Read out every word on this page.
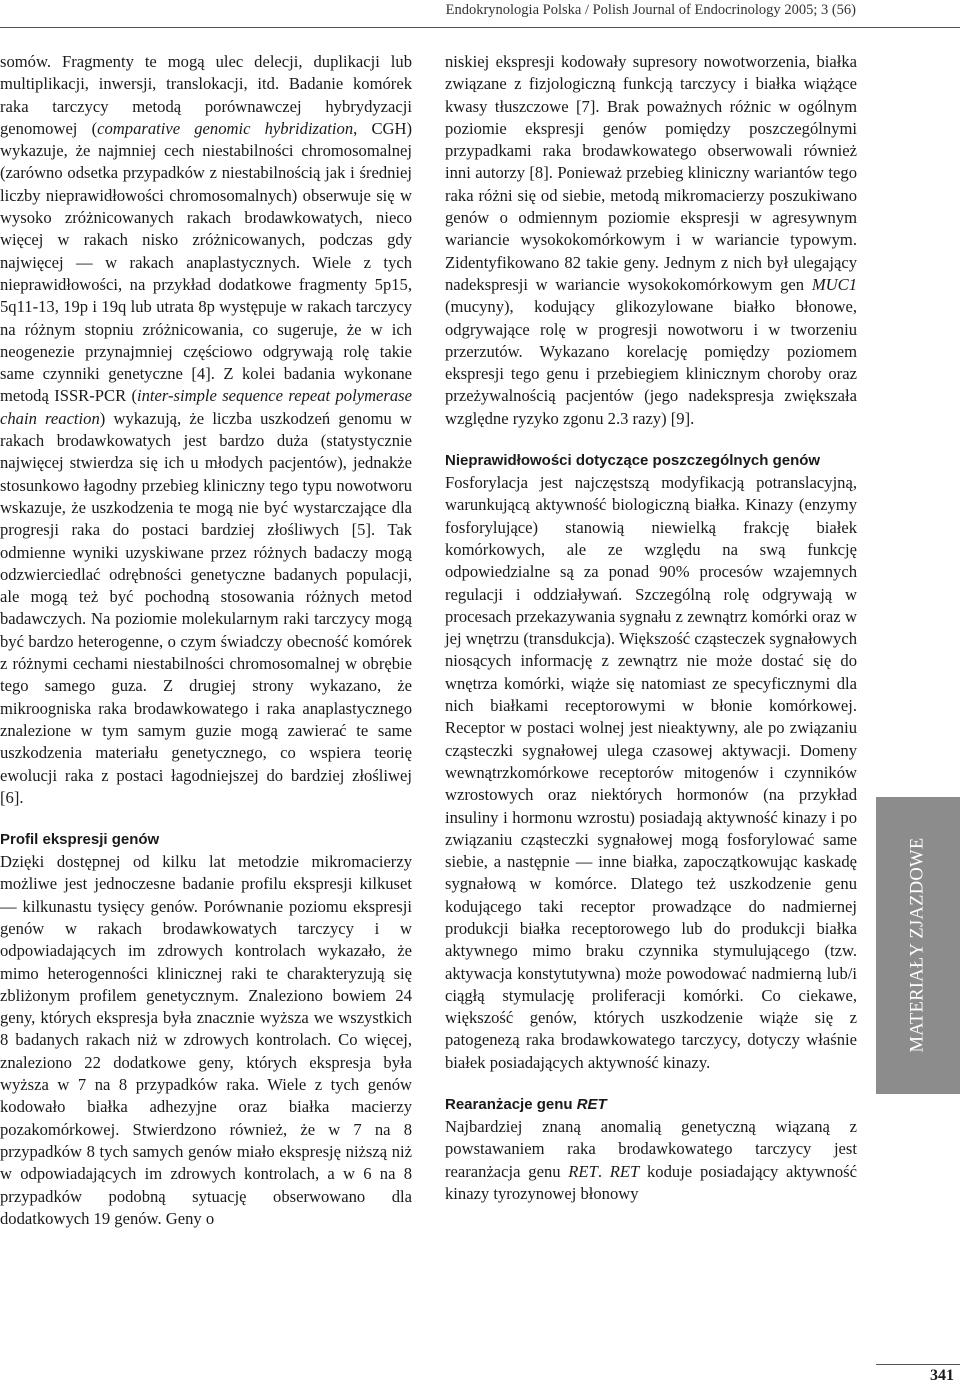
Endokrynologia Polska / Polish Journal of Endocrinology 2005; 3 (56)

somów. Fragmenty te mogą ulec delecji, duplikacji lub multiplikacji, inwersji, translokacji, itd. Badanie komórek raka tarczycy metodą porównawczej hybrydyzacji genomowej (comparative genomic hybridization, CGH) wykazuje, że najmniej cech niestabilności chromosomalnej (zarówno odsetka przypadków z niestabilnością jak i średniej liczby nieprawidłowości chromosomalnych) obserwuje się w wysoko zróżnicowanych rakach brodawkowatych, nieco więcej w rakach nisko zróżnicowanych, podczas gdy najwięcej — w rakach anaplastycznych. Wiele z tych nieprawidłowości, na przykład dodatkowe fragmenty 5p15, 5q11-13, 19p i 19q lub utrata 8p występuje w rakach tarczycy na różnym stopniu zróżnicowania, co sugeruje, że w ich neogenezie przynajmniej częściowo odgrywają rolę takie same czynniki genetyczne [4]. Z kolei badania wykonane metodą ISSR-PCR (inter-simple sequence repeat polymerase chain reaction) wykazują, że liczba uszkodzeń genomu w rakach brodawkowatych jest bardzo duża (statystycznie najwięcej stwierdza się ich u młodych pacjentów), jednakże stosunkowo łagodny przebieg kliniczny tego typu nowotworu wskazuje, że uszkodzenia te mogą nie być wystarczające dla progresji raka do postaci bardziej złośliwych [5]. Tak odmienne wyniki uzyskiwane przez różnych badaczy mogą odzwierciedlać odrębności genetyczne badanych populacji, ale mogą też być pochodną stosowania różnych metod badawczych. Na poziomie molekularnym raki tarczycy mogą być bardzo heterogenne, o czym świadczy obecność komórek z różnymi cechami niestabilności chromosomalnej w obrębie tego samego guza. Z drugiej strony wykazano, że mikroogniska raka brodawkowatego i raka anaplastycznego znalezione w tym samym guzie mogą zawierać te same uszkodzenia materiału genetycznego, co wspiera teorię ewolucji raka z postaci łagodniejszej do bardziej złośliwej [6].

Profil ekspresji genów

Dzięki dostępnej od kilku lat metodzie mikromacierzy możliwe jest jednoczesne badanie profilu ekspresji kilkuset — kilkunastu tysięcy genów. Porównanie poziomu ekspresji genów w rakach brodawkowatych tarczycy i w odpowiadających im zdrowych kontrolach wykazało, że mimo heterogenności klinicznej raki te charakteryzują się zbliżonym profilem genetycznym. Znaleziono bowiem 24 geny, których ekspresja była znacznie wyższa we wszystkich 8 badanych rakach niż w zdrowych kontrolach. Co więcej, znaleziono 22 dodatkowe geny, których ekspresja była wyższa w 7 na 8 przypadków raka. Wiele z tych genów kodowało białka adhezyjne oraz białka macierzy pozakomórkowej. Stwierdzono również, że w 7 na 8 przypadków 8 tych samych genów miało ekspresję niższą niż w odpowiadających im zdrowych kontrolach, a w 6 na 8 przypadków podobną sytuację obserwowano dla dodatkowych 19 genów. Geny o

niskiej ekspresji kodowały supresory nowotworzenia, białka związane z fizjologiczną funkcją tarczycy i białka wiążące kwasy tłuszczowe [7]. Brak poważnych różnic w ogólnym poziomie ekspresji genów pomiędzy poszczególnymi przypadkami raka brodawkowatego obserwowali również inni autorzy [8]. Ponieważ przebieg kliniczny wariantów tego raka różni się od siebie, metodą mikromacierzy poszukiwano genów o odmiennym poziomie ekspresji w agresywnym wariancie wysokokomórkowym i w wariancie typowym. Zidentyfikowano 82 takie geny. Jednym z nich był ulegający nadekspresji w wariancie wysokokomórkowym gen MUC1 (mucyny), kodujący glikozylowane białko błonowe, odgrywające rolę w progresji nowotworu i w tworzeniu przerzutów. Wykazano korelację pomiędzy poziomem ekspresji tego genu i przebiegiem klinicznym choroby oraz przeżywalnością pacjentów (jego nadekspresja zwiększała względne ryzyko zgonu 2.3 razy) [9].

Nieprawidłowości dotyczące poszczególnych genów

Fosforylacja jest najczęstszą modyfikacją potranslacyjną, warunkującą aktywność biologiczną białka. Kinazy (enzymy fosforylujące) stanowią niewielką frakcję białek komórkowych, ale ze względu na swą funkcję odpowiedzialne są za ponad 90% procesów wzajemnych regulacji i oddziaływań. Szczególną rolę odgrywają w procesach przekazywania sygnału z zewnątrz komórki oraz w jej wnętrzu (transdukcja). Większość cząsteczek sygnałowych niosących informację z zewnątrz nie może dostać się do wnętrza komórki, wiąże się natomiast ze specyficznymi dla nich białkami receptorowymi w błonie komórkowej. Receptor w postaci wolnej jest nieaktywny, ale po związaniu cząsteczki sygnałowej ulega czasowej aktywacji. Domeny wewnątrzkomórkowe receptorów mitogenów i czynników wzrostowych oraz niektórych hormonów (na przykład insuliny i hormonu wzrostu) posiadają aktywność kinazy i po związaniu cząsteczki sygnałowej mogą fosforylować same siebie, a następnie — inne białka, zapoczątkowując kaskadę sygnałową w komórce. Dlatego też uszkodzenie genu kodującego taki receptor prowadzące do nadmiernej produkcji białka receptorowego lub do produkcji białka aktywnego mimo braku czynnika stymulującego (tzw. aktywacja konstytutywna) może powodować nadmierną lub/i ciągłą stymulację proliferacji komórki. Co ciekawe, większość genów, których uszkodzenie wiąże się z patogenezą raka brodawkowatego tarczycy, dotyczy właśnie białek posiadających aktywność kinazy.

Rearanżacje genu RET

Najbardziej znaną anomalią genetyczną wiązaną z powstawaniem raka brodawkowatego tarczycy jest rearanżacja genu RET. RET koduje posiadający aktywność kinazy tyrozynowej błonowy

MATERIAŁY ZJAZDOWE
341
